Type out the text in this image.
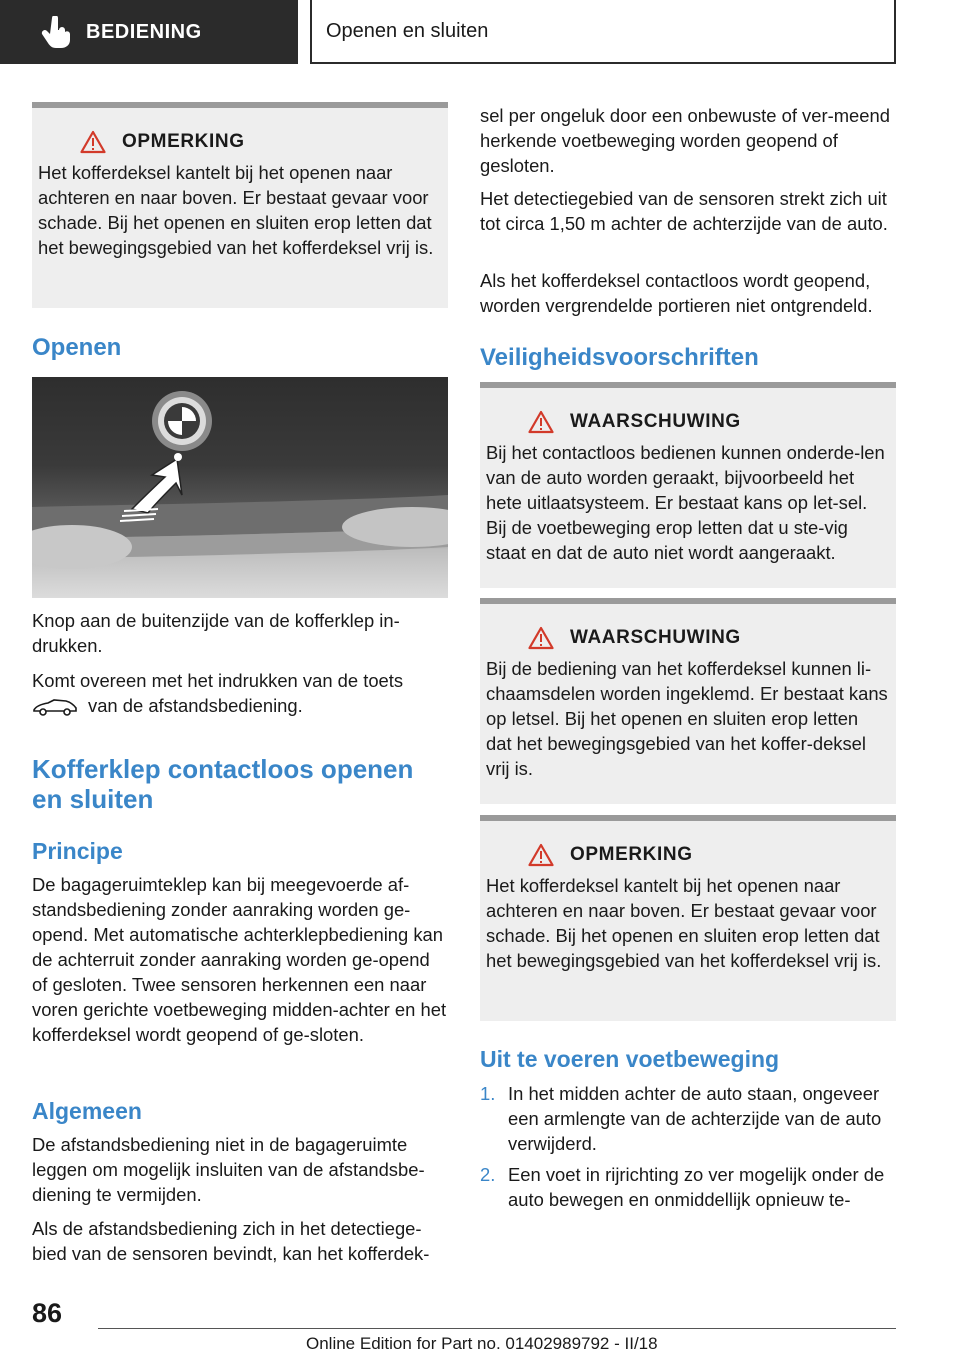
BEDIENING	Openen en sluiten
OPMERKING
Het kofferdeksel kantelt bij het openen naar achteren en naar boven. Er bestaat gevaar voor schade. Bij het openen en sluiten erop letten dat het bewegingsgebied van het kofferdeksel vrij is.
Openen
Knop aan de buitenzijde van de kofferklep in-drukken.
Komt overeen met het indrukken van de toets
van de afstandsbediening.
Kofferklep contactloos openen en sluiten
Principe
De bagageruimteklep kan bij meegevoerde af-standsbediening zonder aanraking worden ge-opend. Met automatische achterklepbediening kan de achterruit zonder aanraking worden ge-opend of gesloten. Twee sensoren herkennen een naar voren gerichte voetbeweging midden-achter en het kofferdeksel wordt geopend of ge-sloten.
Algemeen
De afstandsbediening niet in de bagageruimte leggen om mogelijk insluiten van de afstandsbe-diening te vermijden.
Als de afstandsbediening zich in het detectiege-bied van de sensoren bevindt, kan het kofferdek-
sel per ongeluk door een onbewuste of ver-meend herkende voetbeweging worden geopend of gesloten.
Het detectiegebied van de sensoren strekt zich uit tot circa 1,50 m achter de achterzijde van de auto.
Als het kofferdeksel contactloos wordt geopend, worden vergrendelde portieren niet ontgrendeld.
Veiligheidsvoorschriften
WAARSCHUWING
Bij het contactloos bedienen kunnen onderde-len van de auto worden geraakt, bijvoorbeeld het hete uitlaatsysteem. Er bestaat kans op let-sel. Bij de voetbeweging erop letten dat u ste-vig staat en dat de auto niet wordt aangeraakt.
WAARSCHUWING
Bij de bediening van het kofferdeksel kunnen li-chaamsdelen worden ingeklemd. Er bestaat kans op letsel. Bij het openen en sluiten erop letten dat het bewegingsgebied van het koffer-deksel vrij is.
OPMERKING
Het kofferdeksel kantelt bij het openen naar achteren en naar boven. Er bestaat gevaar voor schade. Bij het openen en sluiten erop letten dat het bewegingsgebied van het kofferdeksel vrij is.
Uit te voeren voetbeweging
1. In het midden achter de auto staan, ongeveer een armlengte van de achterzijde van de auto verwijderd.
2. Een voet in rijrichting zo ver mogelijk onder de auto bewegen en onmiddellijk opnieuw te-
86
Online Edition for Part no. 01402989792 - II/18
